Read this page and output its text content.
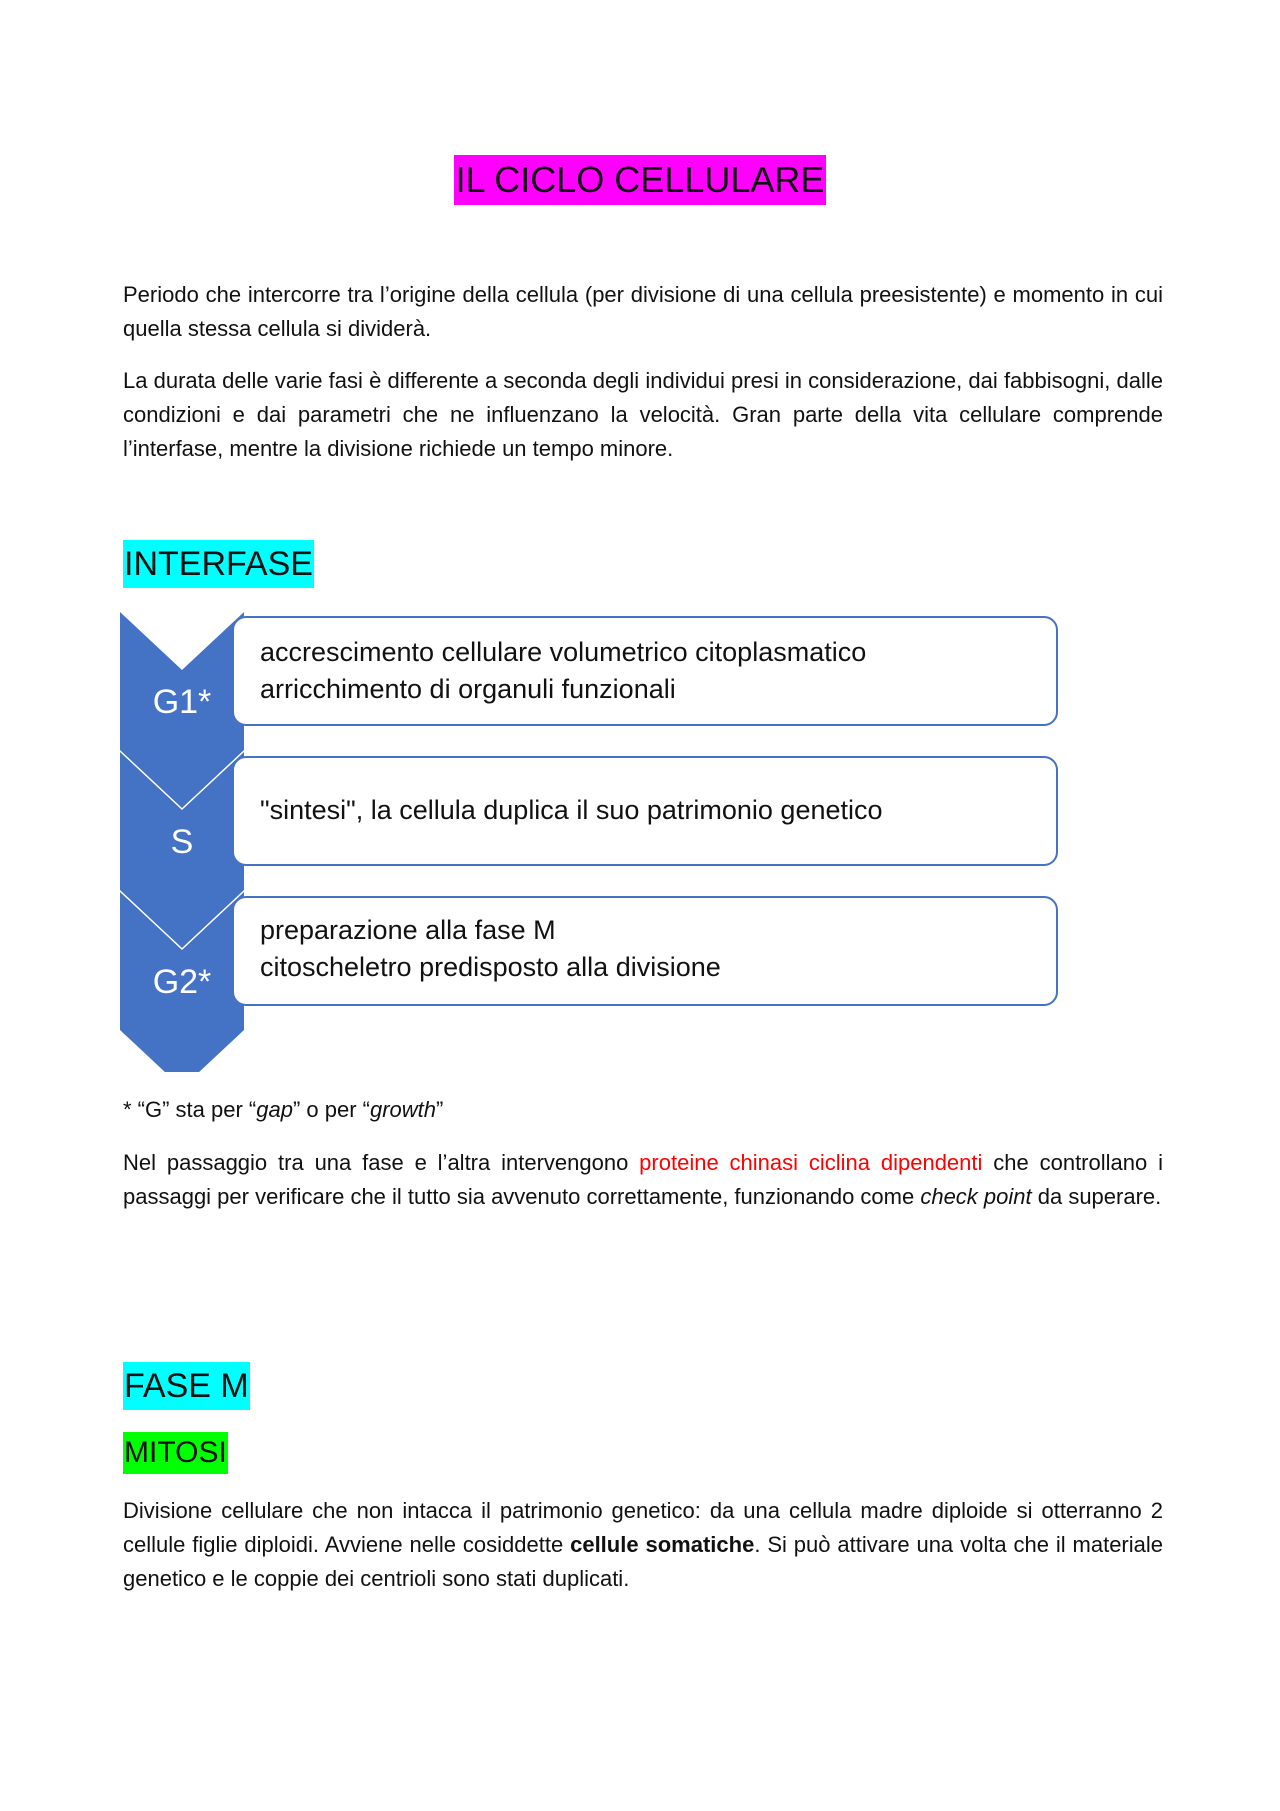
IL CICLO CELLULARE

Periodo che intercorre tra l’origine della cellula (per divisione di una cellula preesistente) e momento in cui quella stessa cellula si dividerà.

La durata delle varie fasi è differente a seconda degli individui presi in considerazione, dai fabbisogni, dalle condizioni e dai parametri che ne influenzano la velocità. Gran parte della vita cellulare comprende l’interfase, mentre la divisione richiede un tempo minore.

INTERFASE
G1*
accrescimento cellulare volumetrico citoplasmatico
arricchimento di organuli funzionali
S
"sintesi", la cellula duplica il suo patrimonio genetico
G2*
preparazione alla fase M
citoscheletro predisposto alla divisione
* “G” sta per “gap” o per “growth”

Nel passaggio tra una fase e l’altra intervengono proteine chinasi ciclina dipendenti che controllano i passaggi per verificare che il tutto sia avvenuto correttamente, funzionando come check point da superare.

FASE M
MITOSI

Divisione cellulare che non intacca il patrimonio genetico: da una cellula madre diploide si otterranno 2 cellule figlie diploidi. Avviene nelle cosiddette cellule somatiche. Si può attivare una volta che il materiale genetico e le coppie dei centrioli sono stati duplicati.
